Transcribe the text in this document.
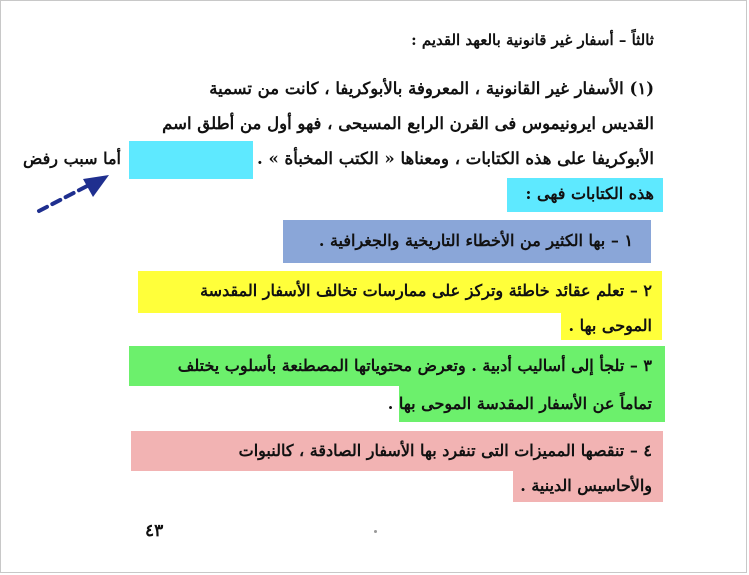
ثالثاً – أسفار غير قانونية بالعهد القديم :
(١) الأسفار غير القانونية ، المعروفة بالأبوكريفا ، كانت من تسمية
القديس ايرونيموس فى القرن الرابع المسيحى ، فهو أول من أطلق اسم
أما سبب رفض	الأبوكريفا على هذه الكتابات ، ومعناها « الكتب المخبأة » .
هذه الكتابات فهى :
١ – بها الكثير من الأخطاء التاريخية والجغرافية .
٢ – تعلم عقائد خاطئة وتركز على ممارسات تخالف الأسفار المقدسة
الموحى بها .
٣ – تلجأ إلى أساليب أدبية . وتعرض محتوياتها المصطنعة بأسلوب يختلف
تماماً عن الأسفار المقدسة الموحى بها .
٤ – تنقصها المميزات التى تنفرد بها الأسفار الصادقة ، كالنبوات
والأحاسيس الدينية .
٤٣
